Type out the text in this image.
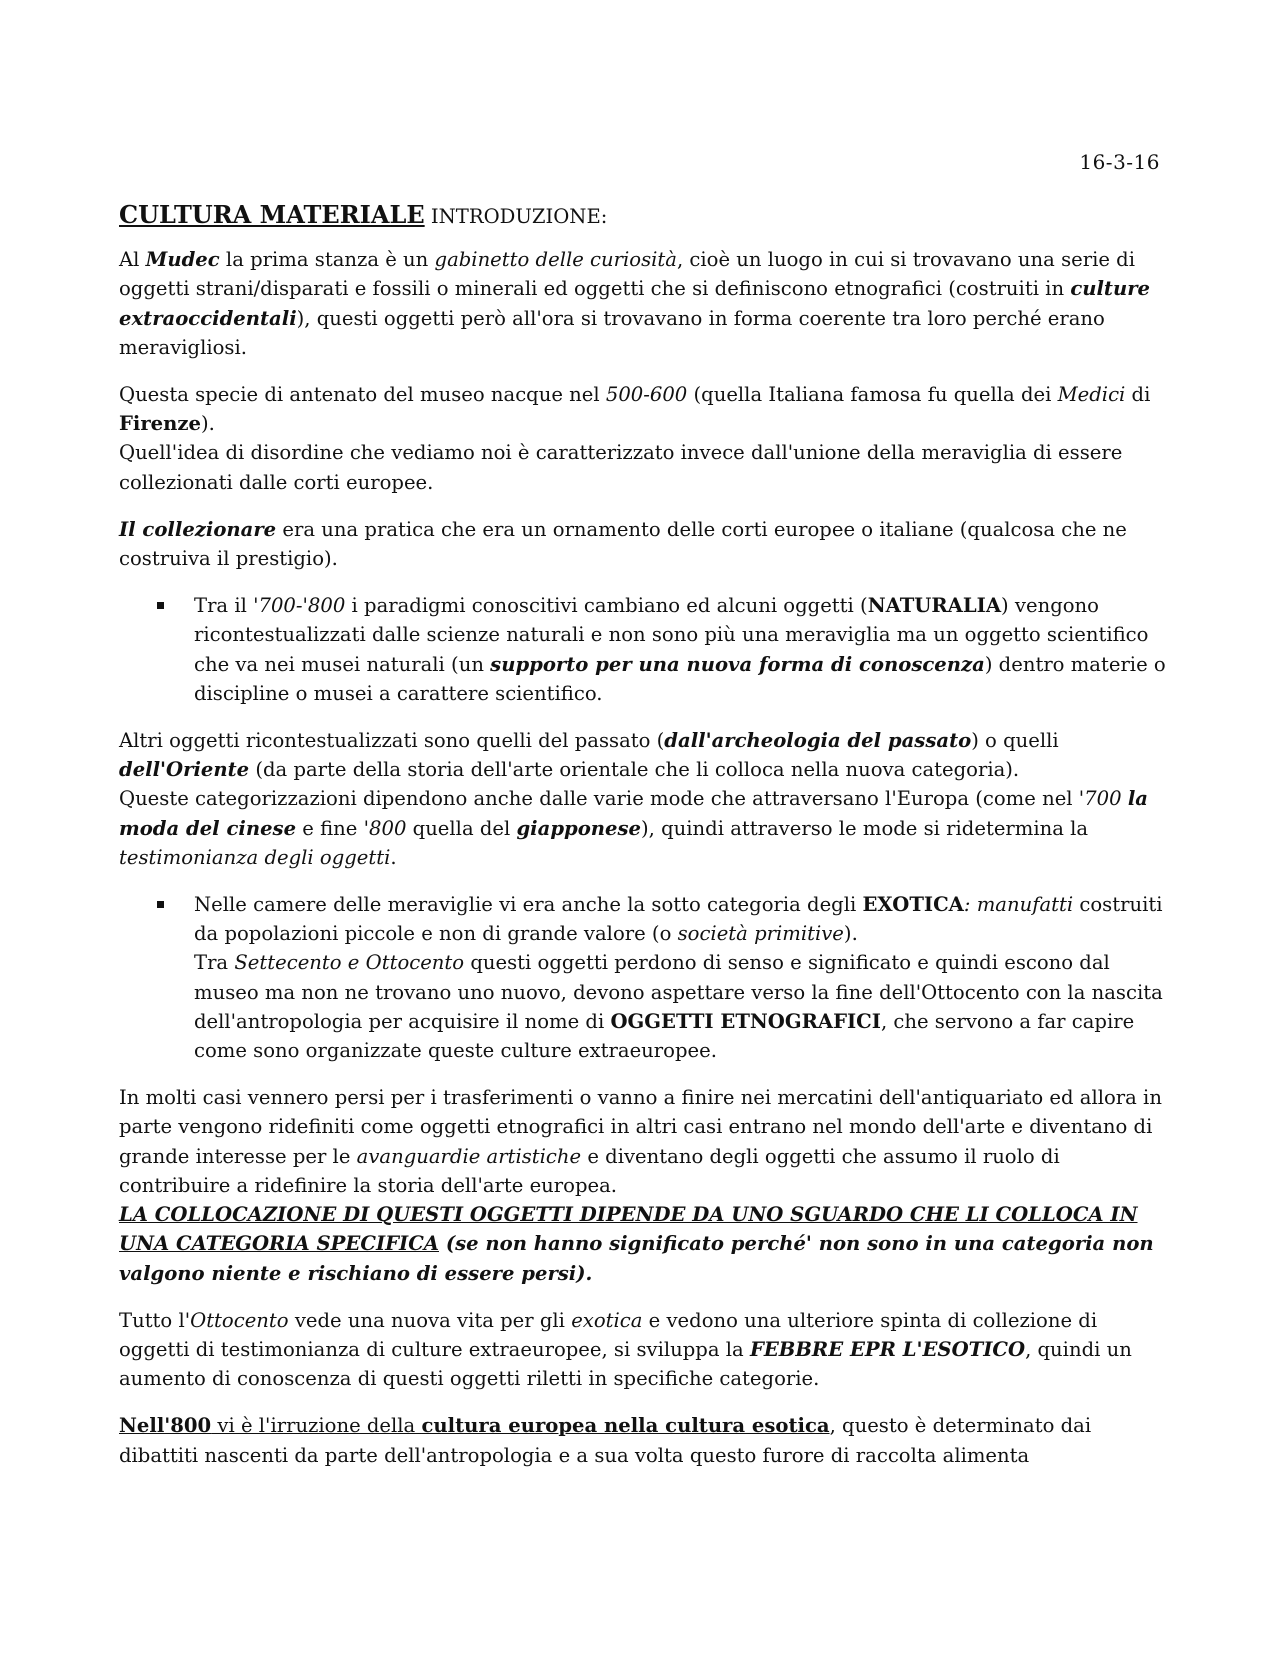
16-3-16
CULTURA MATERIALE INTRODUZIONE:

Al Mudec la prima stanza è un gabinetto delle curiosità, cioè un luogo in cui si trovavano una serie di oggetti strani/disparati e fossili o minerali ed oggetti che si definiscono etnografici (costruiti in culture extraoccidentali), questi oggetti però all'ora si trovavano in forma coerente tra loro perché erano meravigliosi.

Questa specie di antenato del museo nacque nel 500-600 (quella Italiana famosa fu quella dei Medici di Firenze).
Quell'idea di disordine che vediamo noi è caratterizzato invece dall'unione della meraviglia di essere collezionati dalle corti europee.

Il collezionare era una pratica che era un ornamento delle corti europee o italiane (qualcosa che ne costruiva il prestigio).

Tra il '700-'800 i paradigmi conoscitivi cambiano ed alcuni oggetti (NATURALIA) vengono ricontestualizzati dalle scienze naturali e non sono più una meraviglia ma un oggetto scientifico che va nei musei naturali (un supporto per una nuova forma di conoscenza) dentro materie o discipline o musei a carattere scientifico.

Altri oggetti ricontestualizzati sono quelli del passato (dall'archeologia del passato) o quelli dell'Oriente (da parte della storia dell'arte orientale che li colloca nella nuova categoria).
Queste categorizzazioni dipendono anche dalle varie mode che attraversano l'Europa (come nel '700 la moda del cinese e fine '800 quella del giapponese), quindi attraverso le mode si ridetermina la testimonianza degli oggetti.

Nelle camere delle meraviglie vi era anche la sotto categoria degli EXOTICA: manufatti costruiti da popolazioni piccole e non di grande valore (o società primitive).
Tra Settecento e Ottocento questi oggetti perdono di senso e significato e quindi escono dal museo ma non ne trovano uno nuovo, devono aspettare verso la fine dell'Ottocento con la nascita dell'antropologia per acquisire il nome di OGGETTI ETNOGRAFICI, che servono a far capire come sono organizzate queste culture extraeuropee.

In molti casi vennero persi per i trasferimenti o vanno a finire nei mercatini dell'antiquariato ed allora in parte vengono ridefiniti come oggetti etnografici in altri casi entrano nel mondo dell'arte e diventano di grande interesse per le avanguardie artistiche e diventano degli oggetti che assumo il ruolo di contribuire a ridefinire la storia dell'arte europea.
LA COLLOCAZIONE DI QUESTI OGGETTI DIPENDE DA UNO SGUARDO CHE LI COLLOCA IN UNA CATEGORIA SPECIFICA (se non hanno significato perché' non sono in una categoria non valgono niente e rischiano di essere persi).

Tutto l'Ottocento vede una nuova vita per gli exotica e vedono una ulteriore spinta di collezione di oggetti di testimonianza di culture extraeuropee, si sviluppa la FEBBRE EPR L'ESOTICO, quindi un aumento di conoscenza di questi oggetti riletti in specifiche categorie.

Nell'800 vi è l'irruzione della cultura europea nella cultura esotica, questo è determinato dai dibattiti nascenti da parte dell'antropologia e a sua volta questo furore di raccolta alimenta
